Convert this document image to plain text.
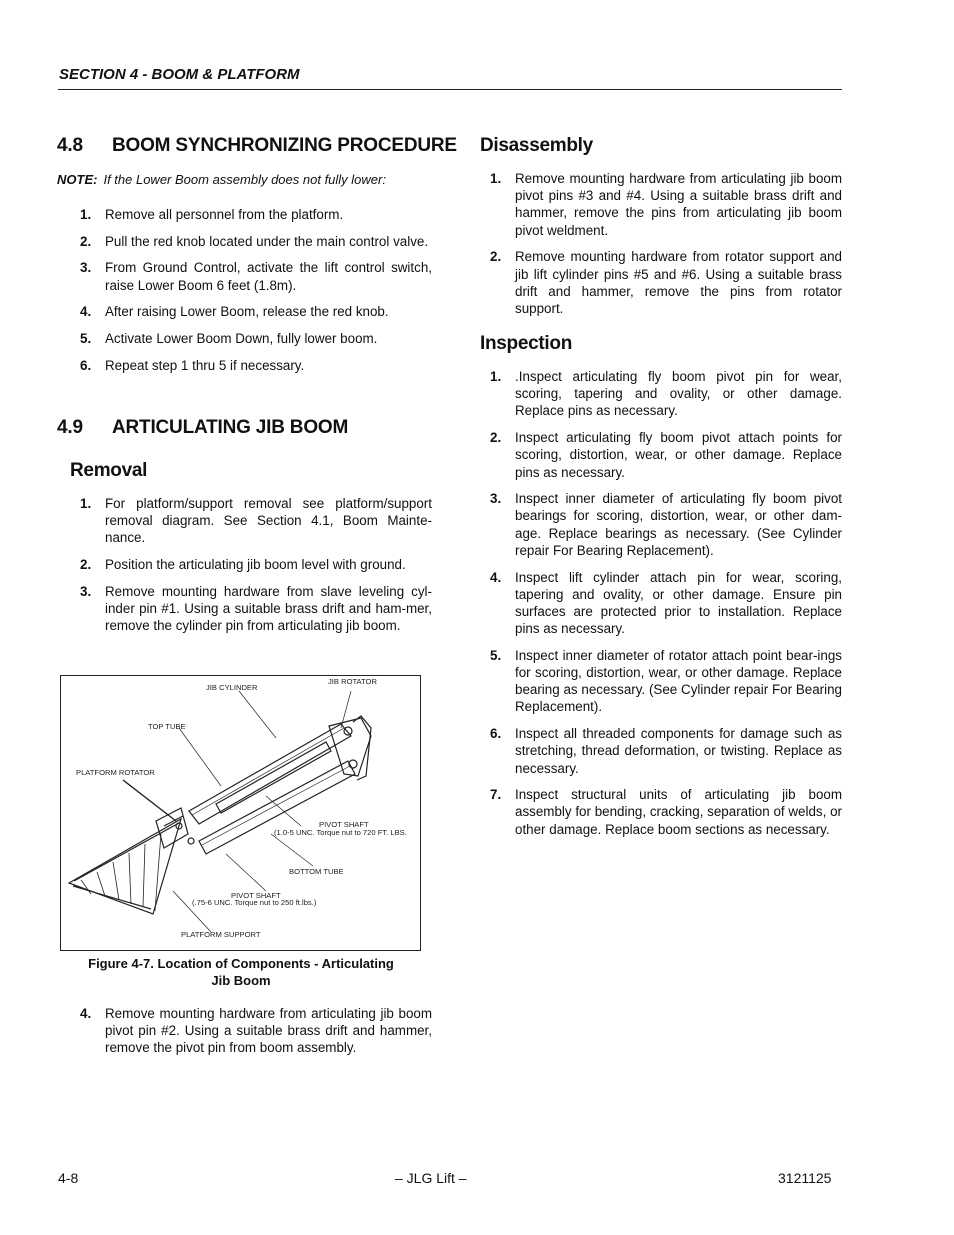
SECTION 4 - BOOM & PLATFORM
4.8 BOOM SYNCHRONIZING PROCEDURE
NOTE: If the Lower Boom assembly does not fully lower:
1. Remove all personnel from the platform.
2. Pull the red knob located under the main control valve.
3. From Ground Control, activate the lift control switch, raise Lower Boom 6 feet (1.8m).
4. After raising Lower Boom, release the red knob.
5. Activate Lower Boom Down, fully lower boom.
6. Repeat step 1 thru 5 if necessary.
4.9 ARTICULATING JIB BOOM
Removal
1. For platform/support removal see platform/support removal diagram. See Section 4.1, Boom Mainte-nance.
2. Position the articulating jib boom level with ground.
3. Remove mounting hardware from slave leveling cyl-inder pin #1. Using a suitable brass drift and ham-mer, remove the cylinder pin from articulating jib boom.
JIB CYLINDER
JIB ROTATOR
TOP TUBE
PLATFORM ROTATOR
PIVOT SHAFT
(1.0-5 UNC. Torque nut to 720 FT. LBS.
BOTTOM TUBE
PIVOT SHAFT
(.75-6 UNC. Torque nut to 250 ft.lbs.)
PLATFORM SUPPORT
Figure 4-7. Location of Components - Articulating
Jib Boom
4. Remove mounting hardware from articulating jib boom pivot pin #2. Using a suitable brass drift and hammer, remove the pivot pin from boom assembly.
Disassembly
1. Remove mounting hardware from articulating jib boom pivot pins #3 and #4. Using a suitable brass drift and hammer, remove the pins from articulating jib boom pivot weldment.
2. Remove mounting hardware from rotator support and jib lift cylinder pins #5 and #6. Using a suitable brass drift and hammer, remove the pins from rotator support.
Inspection
1. .Inspect articulating fly boom pivot pin for wear, scoring, tapering and ovality, or other damage. Replace pins as necessary.
2. Inspect articulating fly boom pivot attach points for scoring, distortion, wear, or other damage. Replace pins as necessary.
3. Inspect inner diameter of articulating fly boom pivot bearings for scoring, distortion, wear, or other dam-age. Replace bearings as necessary. (See Cylinder repair For Bearing Replacement).
4. Inspect lift cylinder attach pin for wear, scoring, tapering and ovality, or other damage. Ensure pin surfaces are protected prior to installation. Replace pins as necessary.
5. Inspect inner diameter of rotator attach point bear-ings for scoring, distortion, wear, or other damage. Replace bearing as necessary. (See Cylinder repair For Bearing Replacement).
6. Inspect all threaded components for damage such as stretching, thread deformation, or twisting. Replace as necessary.
7. Inspect structural units of articulating jib boom assembly for bending, cracking, separation of welds, or other damage. Replace boom sections as necessary.
4-8	– JLG Lift –	3121125
